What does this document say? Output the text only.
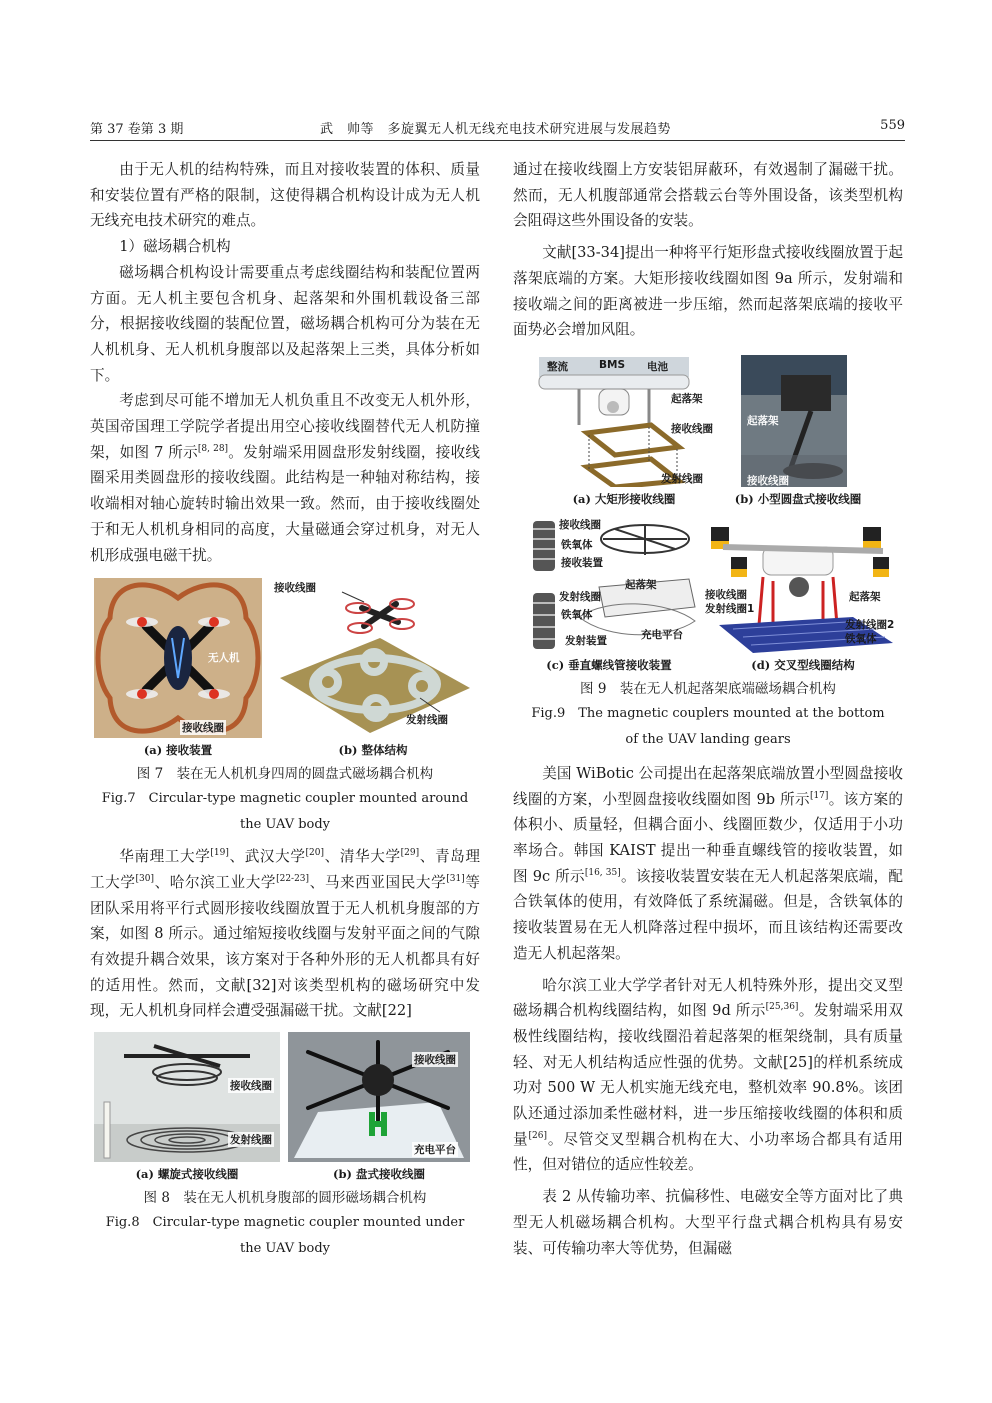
第 37 卷第 3 期	武　帅等　多旋翼无人机无线充电技术研究进展与发展趋势	559

由于无人机的结构特殊，而且对接收装置的体积、质量和安装位置有严格的限制，这使得耦合机构设计成为无人机无线充电技术研究的难点。

1）磁场耦合机构

磁场耦合机构设计需要重点考虑线圈结构和装配位置两方面。无人机主要包含机身、起落架和外围机载设备三部分，根据接收线圈的装配位置，磁场耦合机构可分为装在无人机机身、无人机机身腹部以及起落架上三类，具体分析如下。

考虑到尽可能不增加无人机负重且不改变无人机外形，英国帝国理工学院学者提出用空心接收线圈替代无人机防撞架，如图 7 所示[8, 28]。发射端采用圆盘形发射线圈，接收线圈采用类圆盘形的接收线圈。此结构是一种轴对称结构，接收端相对轴心旋转时输出效果一致。然而，由于接收线圈处于和无人机机身相同的高度，大量磁通会穿过机身，对无人机形成强电磁干扰。

无人机
接收线圈
接收线圈
发射线圈
(a) 接收装置	(b) 整体结构
图 7　装在无人机机身四周的圆盘式磁场耦合机构
Fig.7　Circular-type magnetic coupler mounted around the UAV body

华南理工大学[19]、武汉大学[20]、清华大学[29]、青岛理工大学[30]、哈尔滨工业大学[22-23]、马来西亚国民大学[31]等团队采用将平行式圆形接收线圈放置于无人机机身腹部的方案，如图 8 所示。通过缩短接收线圈与发射平面之间的气隙有效提升耦合效果，该方案对于各种外形的无人机都具有好的适用性。然而，文献[32]对该类型机构的磁场研究中发现，无人机机身同样会遭受强漏磁干扰。文献[22]

接收线圈
发射线圈
接收线圈
充电平台
(a) 螺旋式接收线圈	(b) 盘式接收线圈
图 8　装在无人机机身腹部的圆形磁场耦合机构
Fig.8　Circular-type magnetic coupler mounted under the UAV body

通过在接收线圈上方安装铝屏蔽环，有效遏制了漏磁干扰。然而，无人机腹部通常会搭载云台等外围设备，该类型机构会阻碍这些外围设备的安装。

文献[33-34]提出一种将平行矩形盘式接收线圈放置于起落架底端的方案。大矩形接收线圈如图 9a 所示，发射端和接收端之间的距离被进一步压缩，然而起落架底端的接收平面势必会增加风阻。

整流	BMS 电池
起落架
接收线圈
发射线圈
起落架
接收线圈
(a) 大矩形接收线圈	(b) 小型圆盘式接收线圈
接收线圈
铁氧体
接收装置
起落架
发射线圈
铁氧体
发射装置	充电平台
接收线圈
发射线圈1
起落架
发射线圈2
铁氧体
(c) 垂直螺线管接收装置	(d) 交叉型线圈结构
图 9　装在无人机起落架底端磁场耦合机构
Fig.9　The magnetic couplers mounted at the bottom of the UAV landing gears

美国 WiBotic 公司提出在起落架底端放置小型圆盘接收线圈的方案，小型圆盘接收线圈如图 9b 所示[17]。该方案的体积小、质量轻，但耦合面小、线圈匝数少，仅适用于小功率场合。韩国 KAIST 提出一种垂直螺线管的接收装置，如图 9c 所示[16, 35]。该接收装置安装在无人机起落架底端，配合铁氧体的使用，有效降低了系统漏磁。但是，含铁氧体的接收装置易在无人机降落过程中损坏，而且该结构还需要改造无人机起落架。

哈尔滨工业大学学者针对无人机特殊外形，提出交叉型磁场耦合机构线圈结构，如图 9d 所示[25,36]。发射端采用双极性线圈结构，接收线圈沿着起落架的框架绕制，具有质量轻、对无人机结构适应性强的优势。文献[25]的样机系统成功对 500 W 无人机实施无线充电，整机效率 90.8%。该团队还通过添加柔性磁材料，进一步压缩接收线圈的体积和质量[26]。尽管交叉型耦合机构在大、小功率场合都具有适用性，但对错位的适应性较差。

表 2 从传输功率、抗偏移性、电磁安全等方面对比了典型无人机磁场耦合机构。大型平行盘式耦合机构具有易安装、可传输功率大等优势，但漏磁
